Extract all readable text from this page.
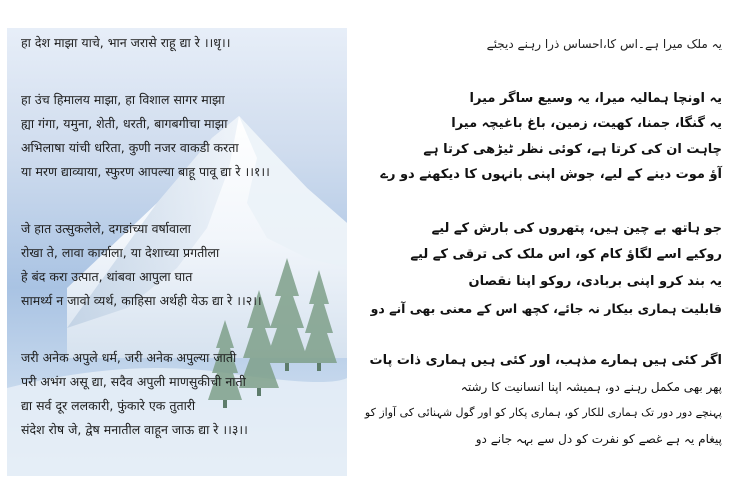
हा देश माझा याचे, भान जरासे राहू द्या रे ।।धृ।।
हा उंच हिमालय माझा, हा विशाल सागर माझा
ह्या गंगा, यमुना, शेती, धरती, बागबगीचा माझा
अभिलाषा यांची धरिता, कुणी नजर वाकडी करता
या मरण द्याव्याया, स्फुरण आपल्या बाहू पावू द्या रे ।।१।।
जे हात उत्सुकलेले, दगडांच्या वर्षावाला
रोखा ते, लावा कार्याला, या देशाच्या प्रगतीला
हे बंद करा उत्पात, थांबवा आपुला घात
सामर्थ्य न जावो व्यर्थ, काहिसा अर्थही येऊ द्या रे ।।२।।
जरी अनेक अपुले धर्म, जरी अनेक अपुल्या जाती
परी अभंग असू द्या, सदैव अपुली माणसुकीची नाती
द्या सर्व दूर ललकारी, फुंकारे एक तुतारी
संदेश रोष जे, द्वेष मनातील वाहून जाऊ द्या रे ।।३।।
یہ ملک میرا ہے۔اس کا،احساس ذرا رہنے دیجئے
یہ اونچا ہمالیہ میرا، یہ وسیع ساگر میرا
یہ گنگا، جمنا، کھیت، زمین، باغ باغیچہ میرا
چاہت ان کی کرتا ہے، کوئی نظر ٹیڑھی کرتا ہے
آؤ موت دینے کے لیے، جوش اپنی بانہوں کا دیکھنے دو رے
جو ہاتھ بے چین ہیں، پتھروں کی بارش کے لیے
روکیے اسے لگاؤ کام کو، اس ملک کی ترقی کے لیے
یہ بند کرو اپنی بربادی، روکو اپنا نقصان
قابلیت ہماری بیکار نہ جائے، کچھ اس کے معنی بھی آنے دو
اگر کئی ہیں ہمارے مذہب، اور کئی ہیں ہماری ذات پات
پھر بھی مکمل رہنے دو، ہمیشہ اپنا انسانیت کا رشتہ
پہنچے دور دور تک ہماری للکار کو، ہماری پکار کو اور گول شہنائی کی آواز کو
پیغام یہ ہے غصے کو نفرت کو دل سے بہہ جانے دو
